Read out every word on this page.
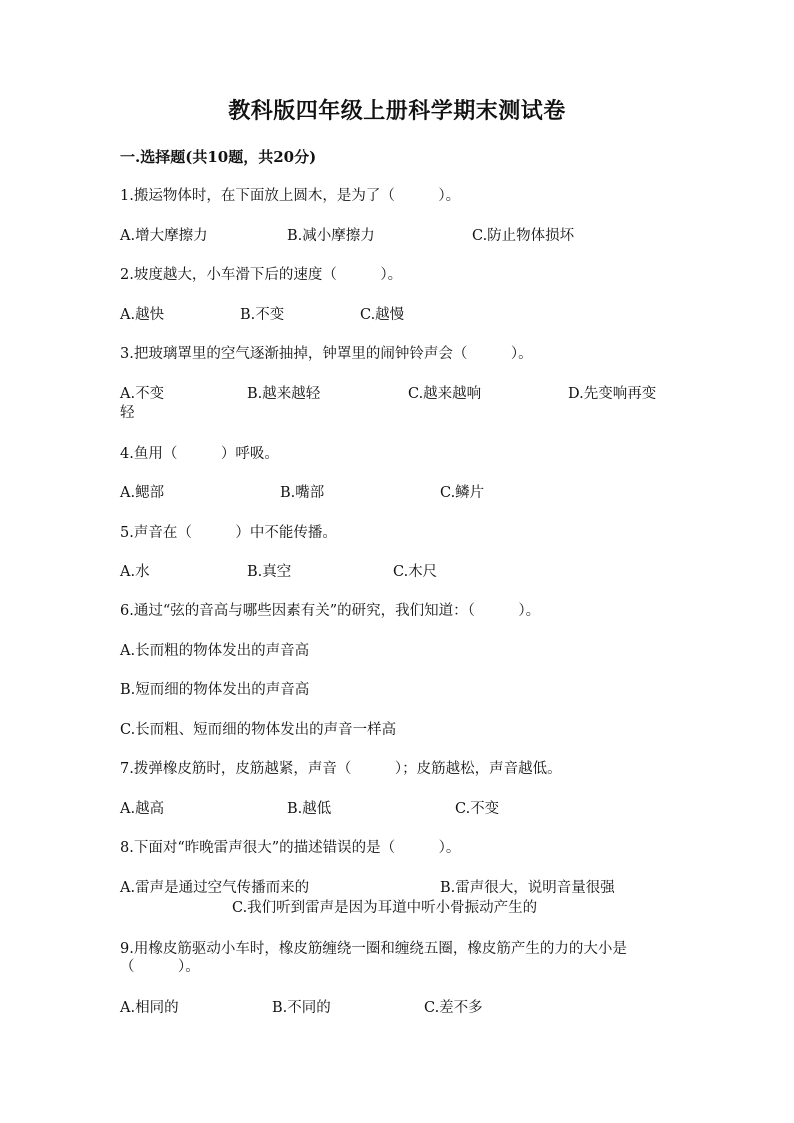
教科版四年级上册科学期末测试卷
一.选择题(共10题，共20分)
1.搬运物体时，在下面放上圆木，是为了（　　　）。
A.增大摩擦力	B.减小摩擦力	C.防止物体损坏
2.坡度越大，小车滑下后的速度（　　　）。
A.越快	B.不变	C.越慢
3.把玻璃罩里的空气逐渐抽掉，钟罩里的闹钟铃声会（　　　）。
A.不变	B.越来越轻	C.越来越响	D.先变响再变
轻
4.鱼用（　　　）呼吸。
A.鳃部	B.嘴部	C.鳞片
5.声音在（　　　）中不能传播。
A.水	B.真空	C.木尺
6.通过“弦的音高与哪些因素有关”的研究，我们知道：（　　　）。
A.长而粗的物体发出的声音高
B.短而细的物体发出的声音高
C.长而粗、短而细的物体发出的声音一样高
7.拨弹橡皮筋时，皮筋越紧，声音（　　　）；皮筋越松，声音越低。
A.越高	B.越低	C.不变
8.下面对“昨晚雷声很大”的描述错误的是（　　　）。
A.雷声是通过空气传播而来的	B.雷声很大，说明音量很强
C.我们听到雷声是因为耳道中听小骨振动产生的
9.用橡皮筋驱动小车时，橡皮筋缠绕一圈和缠绕五圈，橡皮筋产生的力的大小是（　　　）。
A.相同的	B.不同的	C.差不多
